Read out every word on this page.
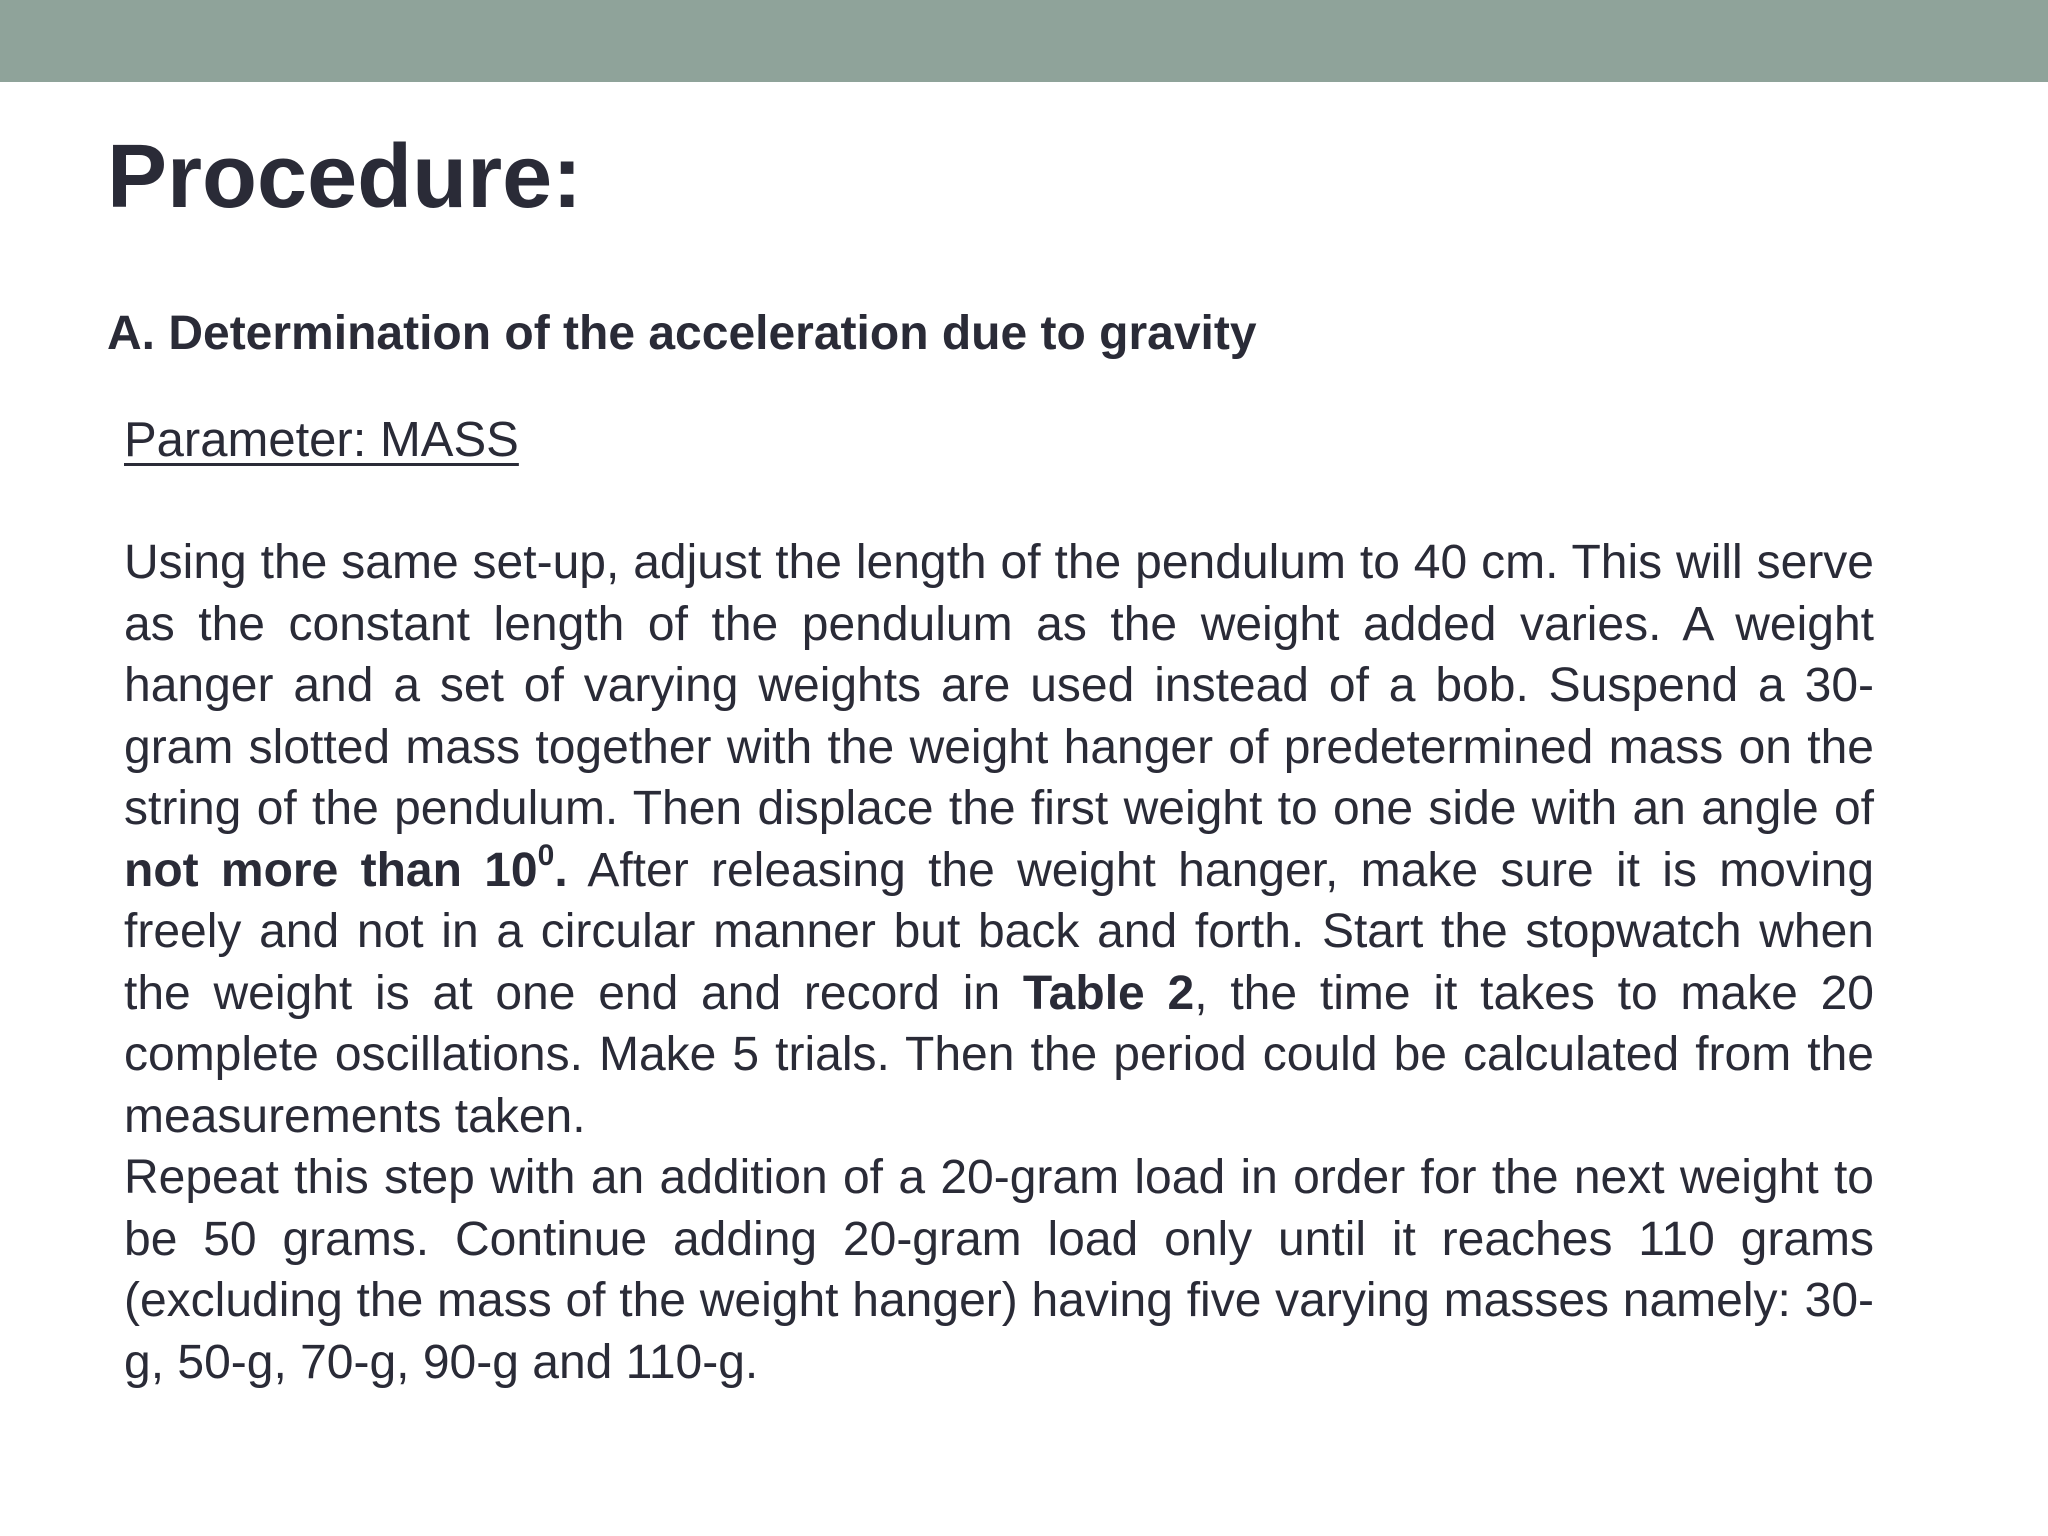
Procedure:
A. Determination of the acceleration due to gravity
Parameter: MASS

Using the same set-up, adjust the length of the pendulum to 40 cm. This will serve as the constant length of the pendulum as the weight added varies. A weight hanger and a set of varying weights are used instead of a bob. Suspend a 30-gram slotted mass together with the weight hanger of predetermined mass on the string of the pendulum. Then displace the first weight to one side with an angle of not more than $10^0$. After releasing the weight hanger, make sure it is moving freely and not in a circular manner but back and forth. Start the stopwatch when the weight is at one end and record in Table 2, the time it takes to make 20 complete oscillations. Make 5 trials. Then the period could be calculated from the measurements taken.

Repeat this step with an addition of a 20-gram load in order for the next weight to be 50 grams. Continue adding 20-gram load only until it reaches 110 grams (excluding the mass of the weight hanger) having five varying masses namely: 30-g, 50-g, 70-g, 90-g and 110-g.
